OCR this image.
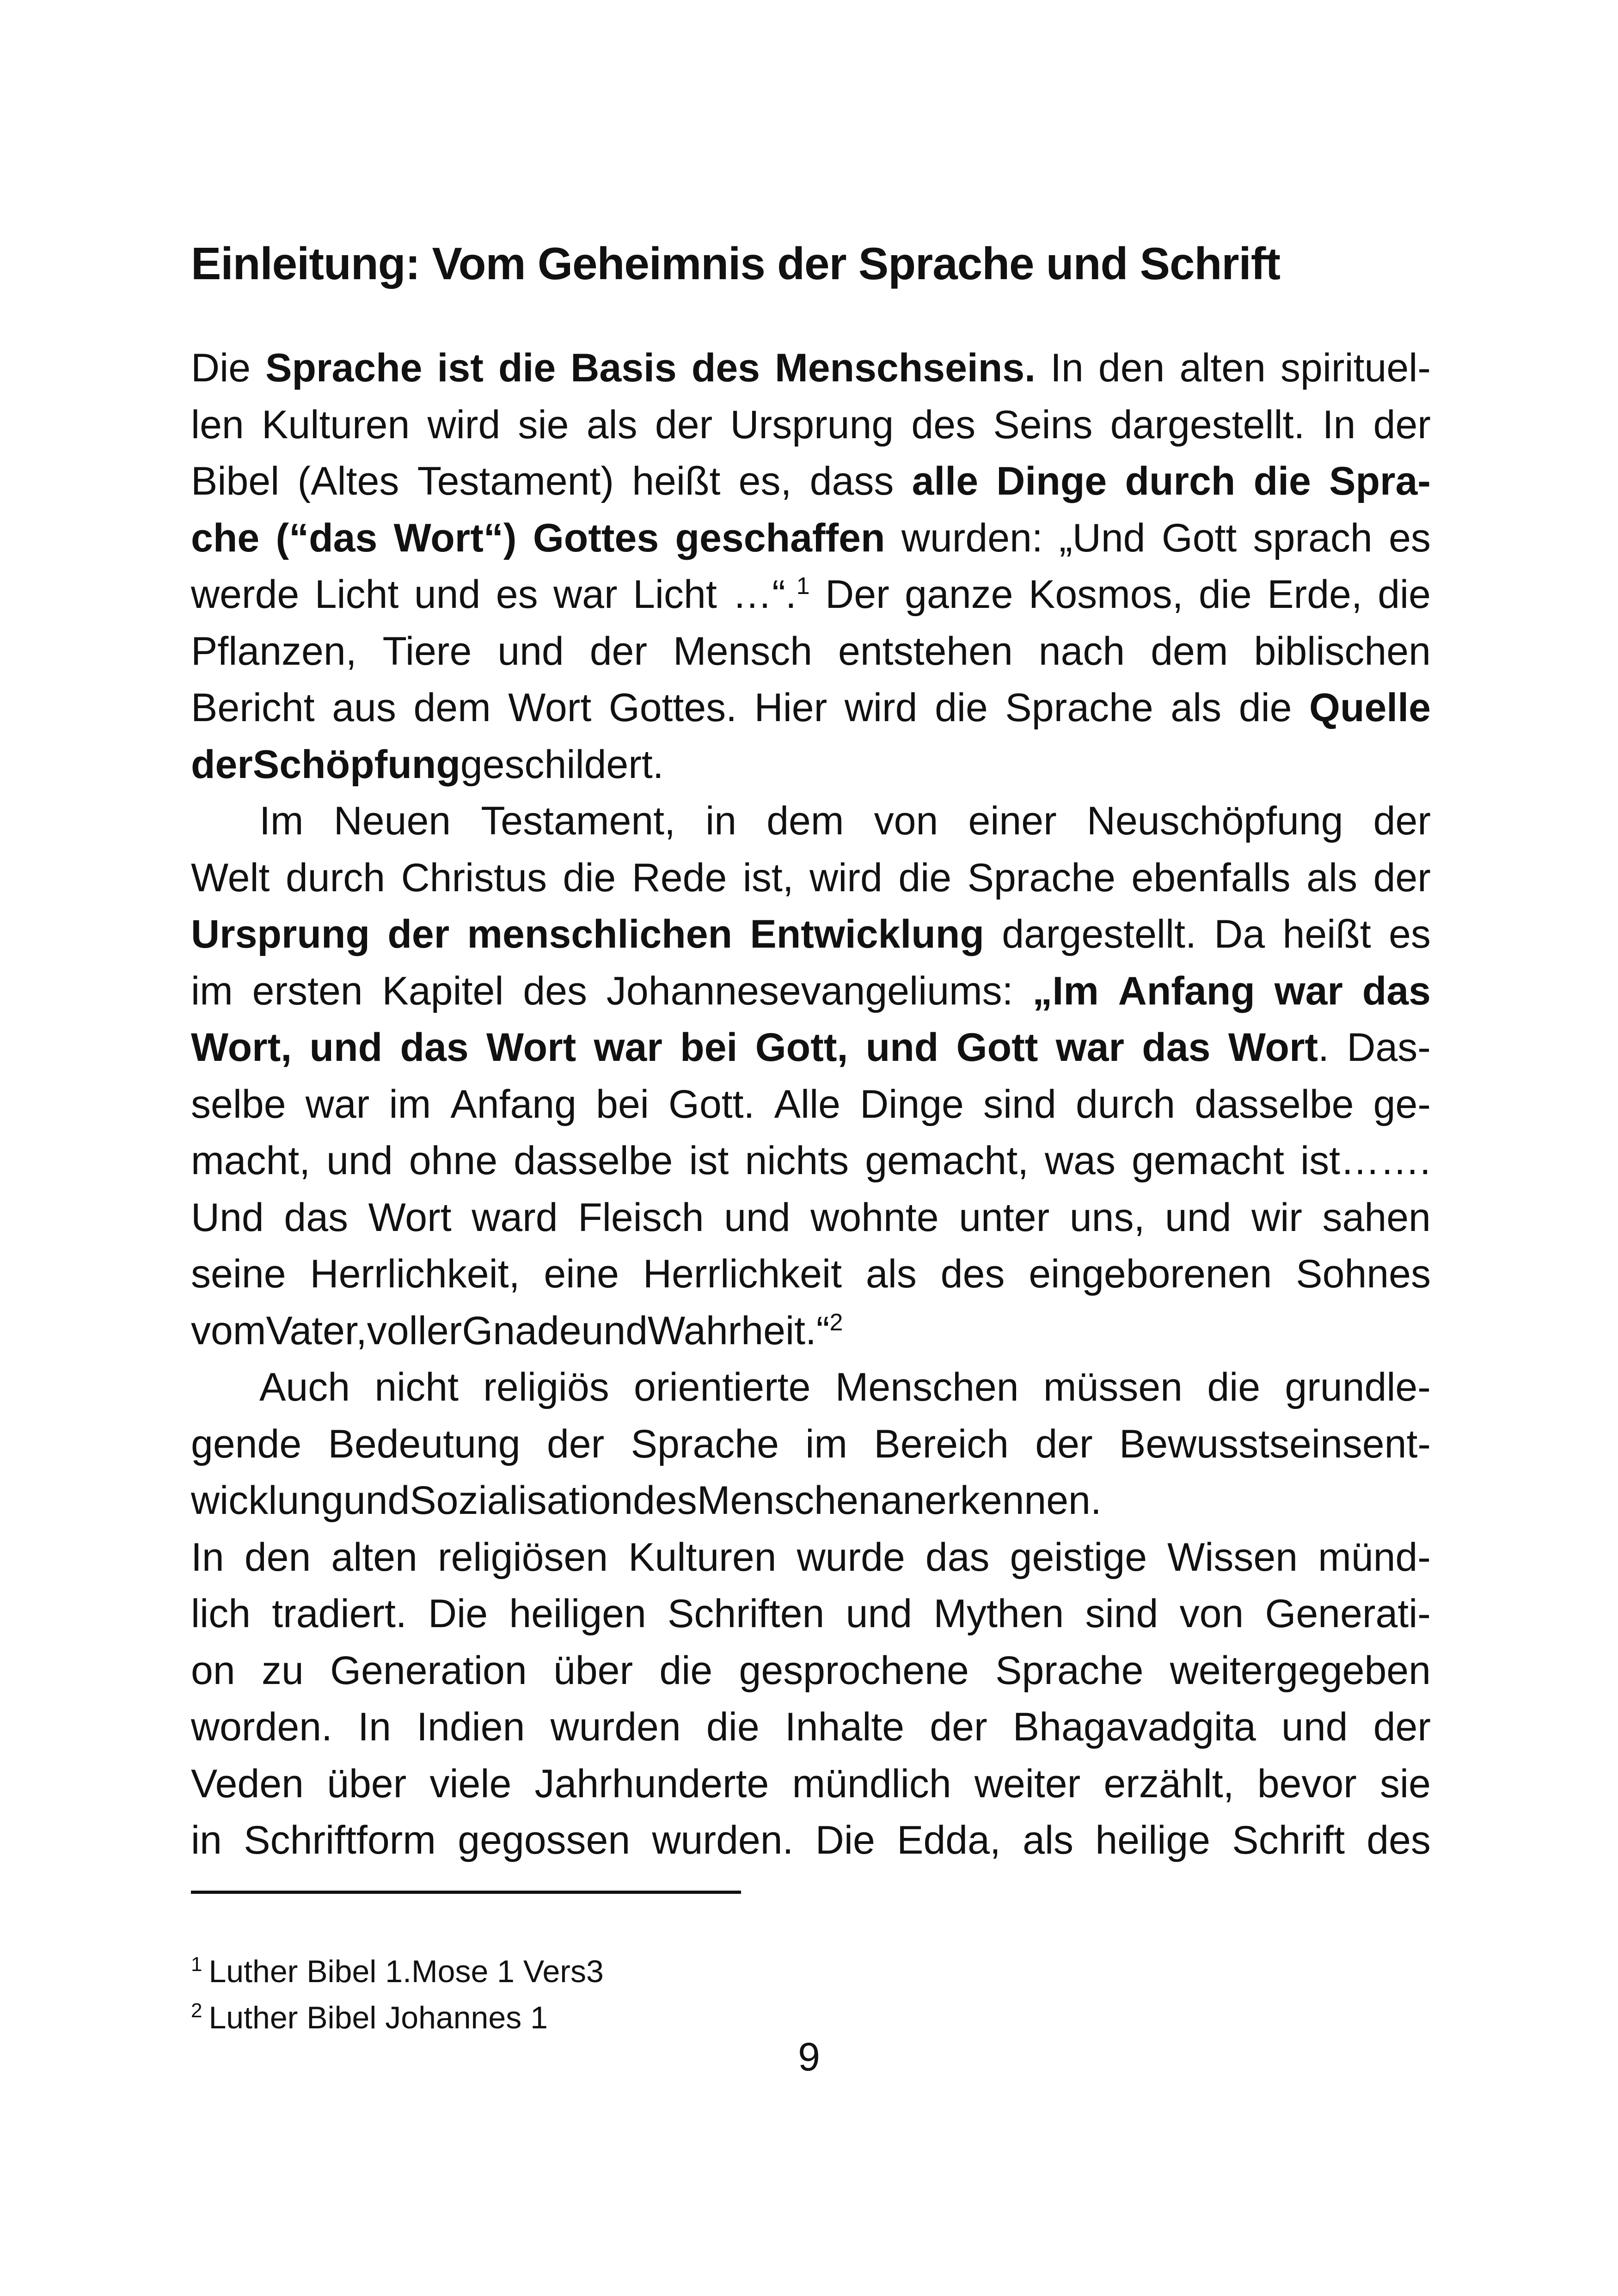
Einleitung: Vom Geheimnis der Sprache und Schrift
Die Sprache ist die Basis des Menschseins. In den alten spirituel-
len Kulturen wird sie als der Ursprung des Seins dargestellt. In der
Bibel (Altes Testament) heißt es, dass alle Dinge durch die Spra-
che (“das Wort“) Gottes geschaffen wurden: „Und Gott sprach es
werde Licht und es war Licht …“.$^1$ Der ganze Kosmos, die Erde, die
Pflanzen, Tiere und der Mensch entstehen nach dem biblischen
Bericht aus dem Wort Gottes. Hier wird die Sprache als die Quelle
der Schöpfung geschildert.
Im Neuen Testament, in dem von einer Neuschöpfung der
Welt durch Christus die Rede ist, wird die Sprache ebenfalls als der
Ursprung der menschlichen Entwicklung dargestellt. Da heißt es
im ersten Kapitel des Johannesevangeliums: „Im Anfang war das
Wort, und das Wort war bei Gott, und Gott war das Wort. Das-
selbe war im Anfang bei Gott. Alle Dinge sind durch dasselbe ge-
macht, und ohne dasselbe ist nichts gemacht, was gemacht ist…….
Und das Wort ward Fleisch und wohnte unter uns, und wir sahen
seine Herrlichkeit, eine Herrlichkeit als des eingeborenen Sohnes
vom Vater, voller Gnade und Wahrheit.“$^2$
Auch nicht religiös orientierte Menschen müssen die grundle-
gende Bedeutung der Sprache im Bereich der Bewusstseinsent-
wicklung und Sozialisation des Menschen anerkennen.
In den alten religiösen Kulturen wurde das geistige Wissen münd-
lich tradiert. Die heiligen Schriften und Mythen sind von Generati-
on zu Generation über die gesprochene Sprache weitergegeben
worden. In Indien wurden die Inhalte der Bhagavadgita und der
Veden über viele Jahrhunderte mündlich weiter erzählt, bevor sie
in Schriftform gegossen wurden. Die Edda, als heilige Schrift des
$^1$ Luther Bibel 1.Mose 1 Vers3
$^2$ Luther Bibel Johannes 1
9
